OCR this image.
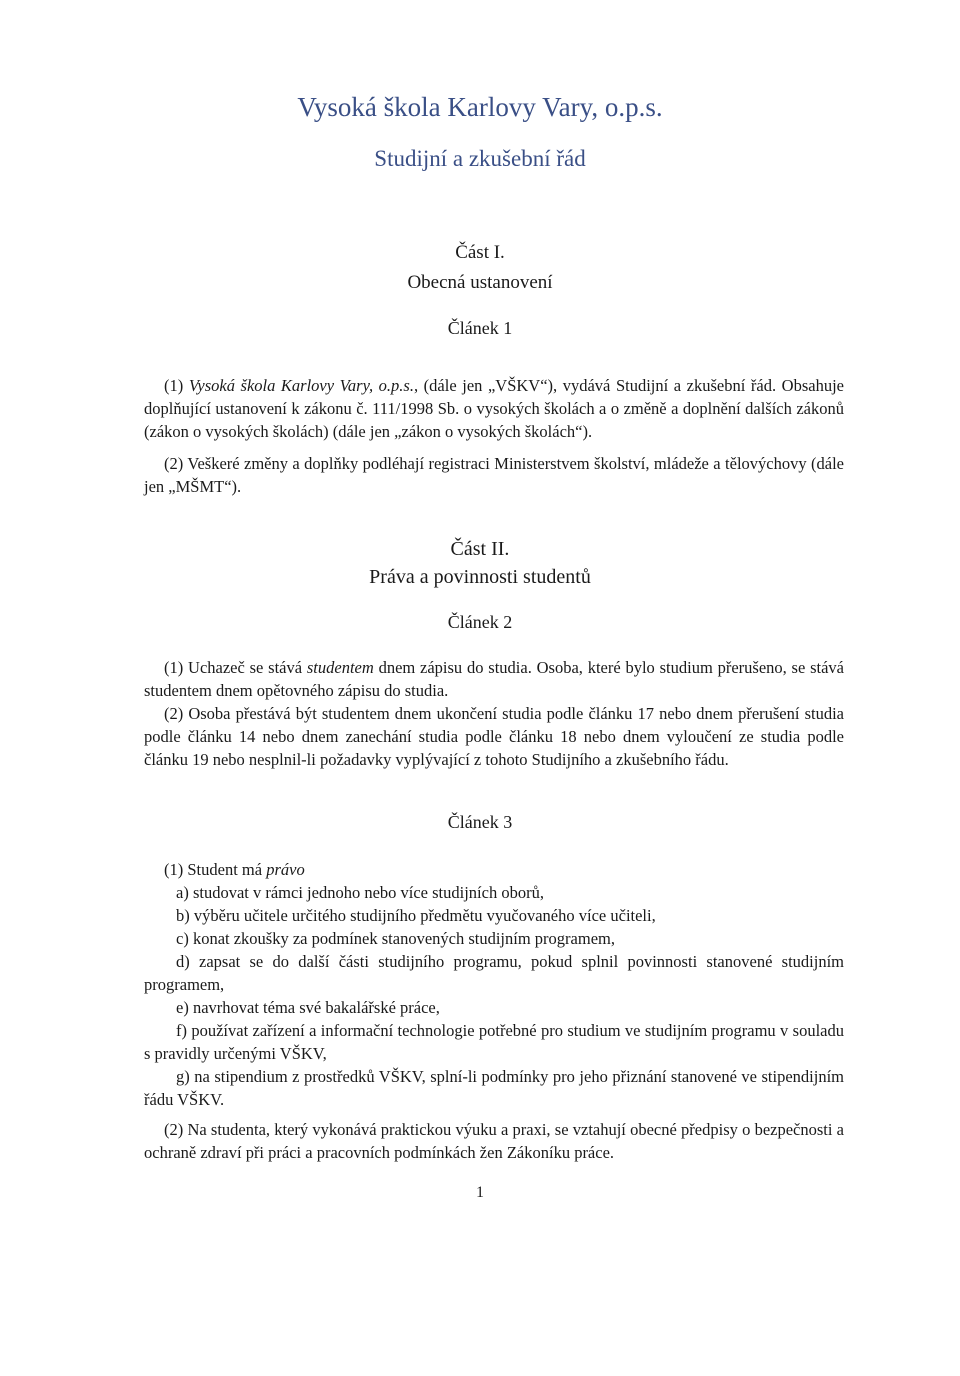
Vysoká škola Karlovy Vary, o.p.s.
Studijní a zkušební řád
Část I.
Obecná ustanovení
Článek 1
(1) Vysoká škola Karlovy Vary, o.p.s., (dále jen „VŠKV“), vydává Studijní a zkušební řád. Obsahuje doplňující ustanovení k zákonu č. 111/1998 Sb. o vysokých školách a o změně a doplnění dalších zákonů (zákon o vysokých školách) (dále jen „zákon o vysokých školách“).
(2) Veškeré změny a doplňky podléhají registraci Ministerstvem školství, mládeže a tělovýchovy (dále jen „MŠMT“).
Část II.
Práva a povinnosti studentů
Článek 2
(1) Uchazeč se stává studentem dnem zápisu do studia. Osoba, které bylo studium přerušeno, se stává studentem dnem opětovného zápisu do studia.
(2) Osoba přestává být studentem dnem ukončení studia podle článku 17 nebo dnem přerušení studia podle článku 14 nebo dnem zanechání studia podle článku 18 nebo dnem vyloučení ze studia podle článku 19 nebo nesplnil-li požadavky vyplývající z tohoto Studijního a zkušebního řádu.
Článek 3
(1) Student má právo
a) studovat v rámci jednoho nebo více studijních oborů,
b) výběru učitele určitého studijního předmětu vyučovaného více učiteli,
c) konat zkoušky za podmínek stanovených studijním programem,
d) zapsat se do další části studijního programu, pokud splnil povinnosti stanovené studijním programem,
e) navrhovat téma své bakalářské práce,
f) používat zařízení a informační technologie potřebné pro studium ve studijním programu v souladu s pravidly určenými VŠKV,
g) na stipendium z prostředků VŠKV, splní-li podmínky pro jeho přiznání stanovené ve stipendijním řádu VŠKV.
(2) Na studenta, který vykonává praktickou výuku a praxi, se vztahují obecné předpisy o bezpečnosti a ochraně zdraví při práci a pracovních podmínkách žen Zákoníku práce.
1
